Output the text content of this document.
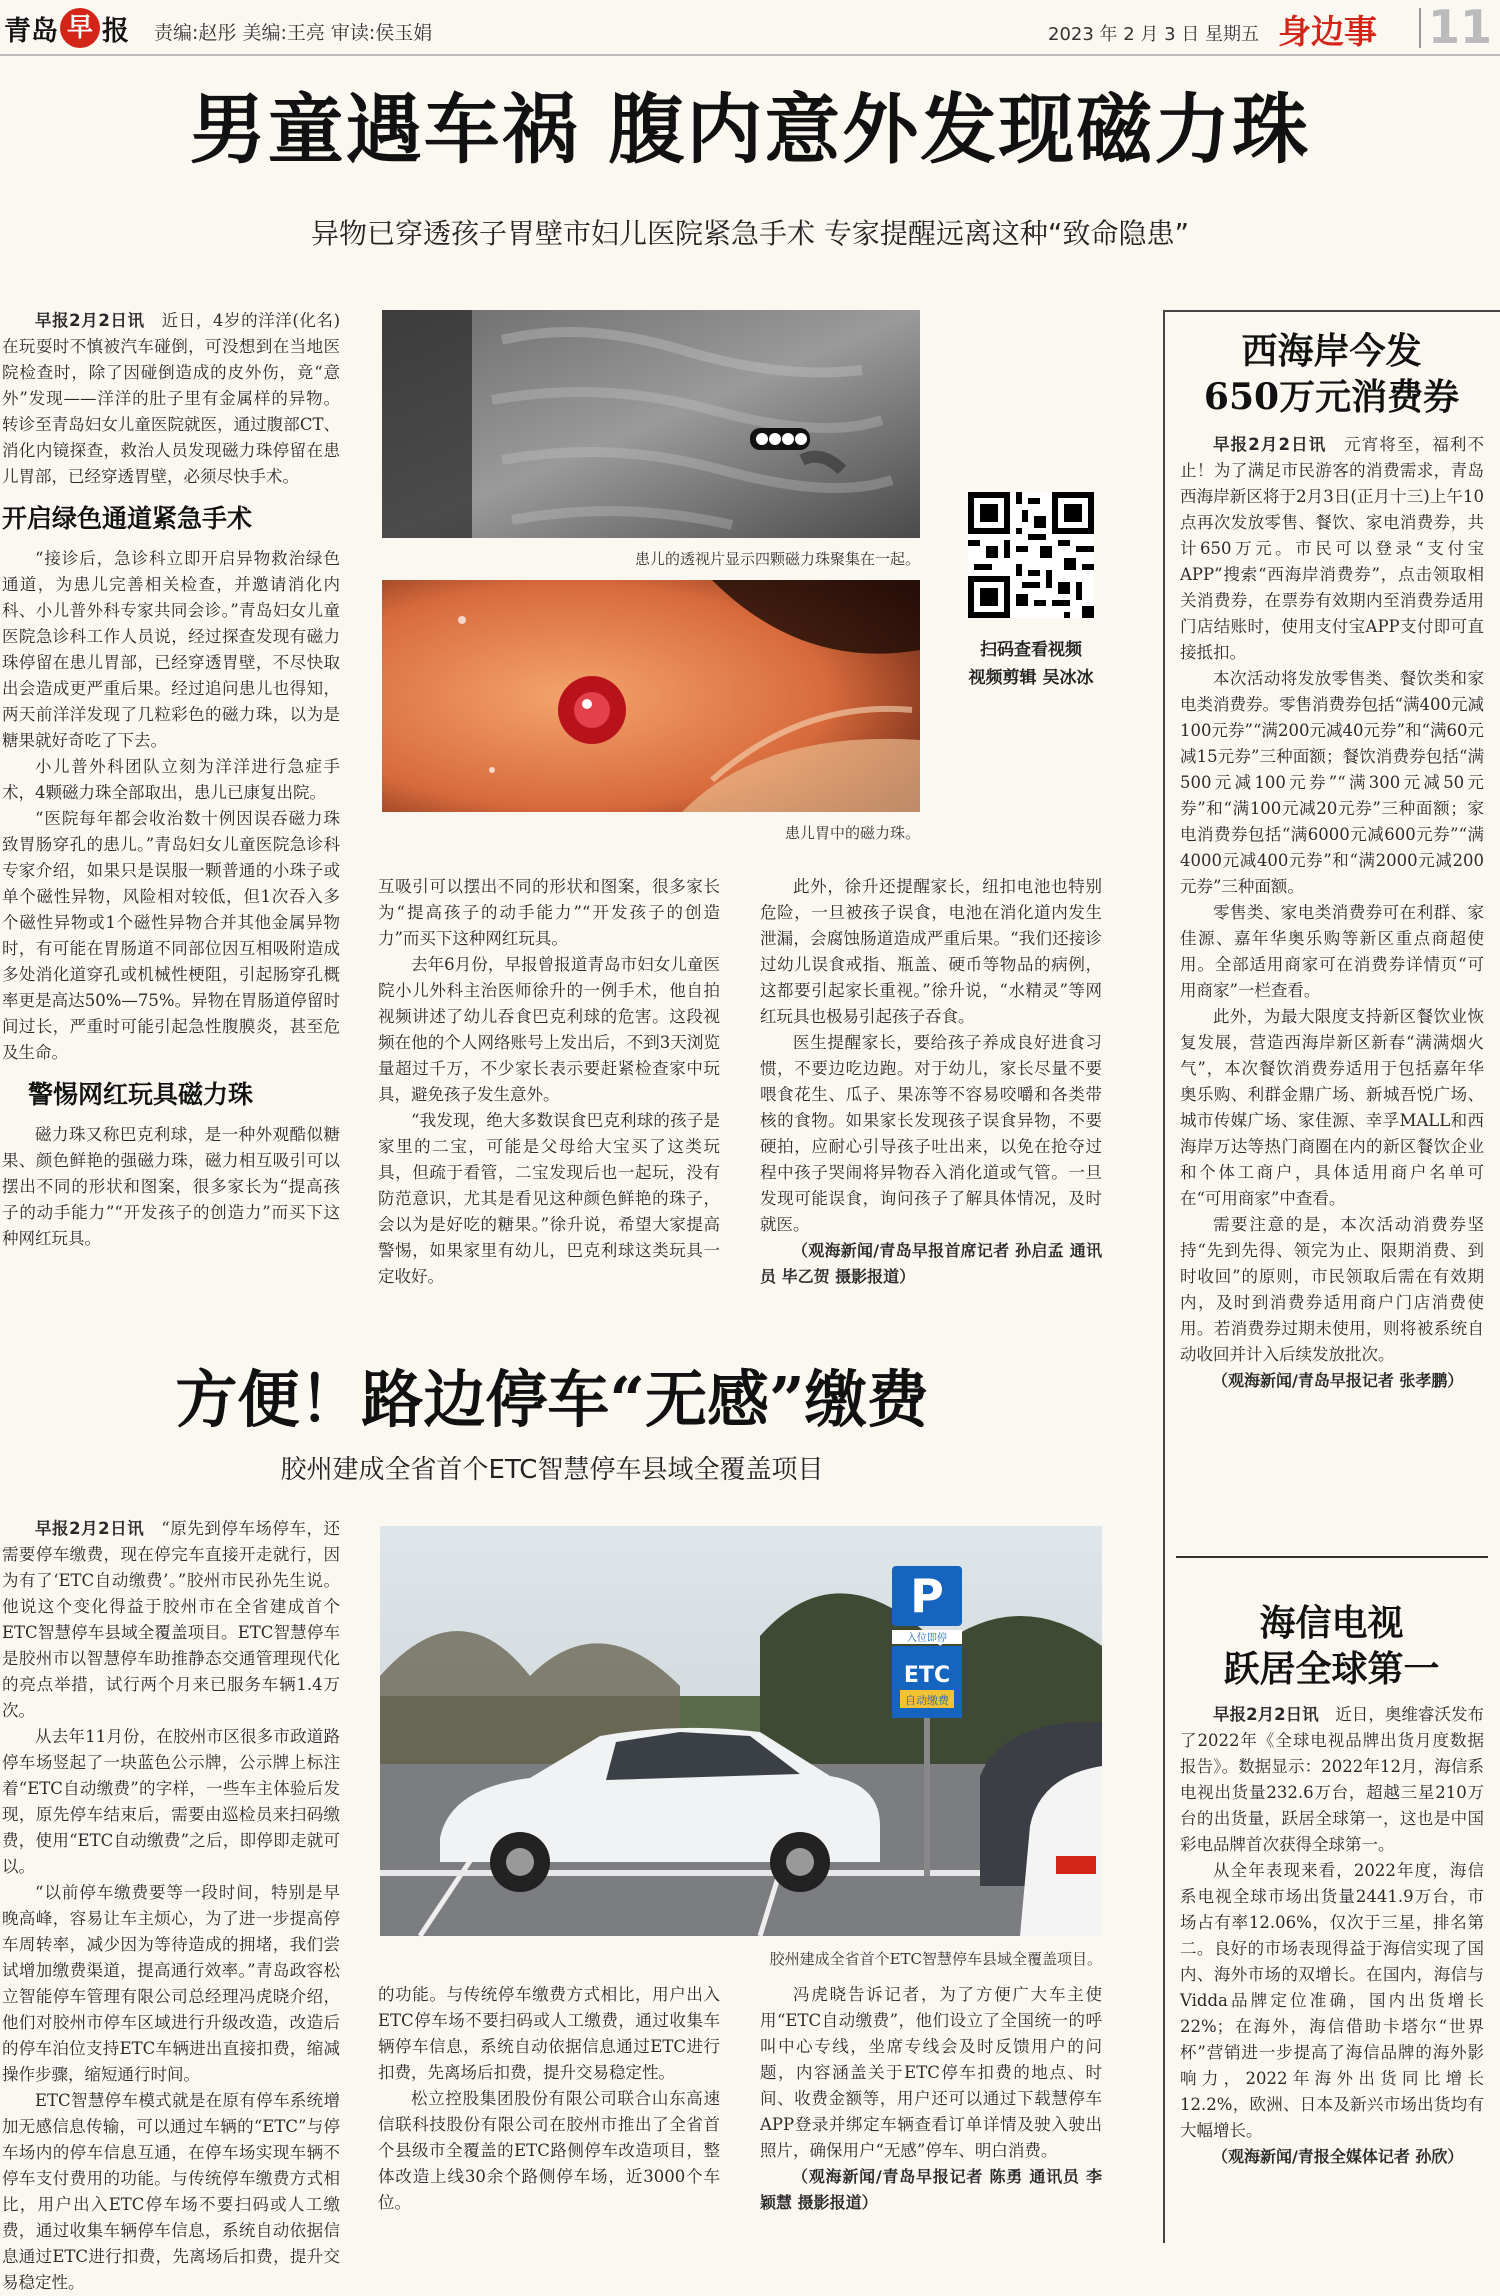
青岛 早 报 责编:赵彤 美编:王亮 审读:侯玉娟	2023 年 2 月 3 日 星期五 身边事 11
男童遇车祸 腹内意外发现磁力珠
异物已穿透孩子胃壁市妇儿医院紧急手术 专家提醒远离这种“致命隐患”

早报2月2日讯　 近日，4岁的洋洋(化名)在玩耍时不慎被汽车碰倒，可没想到在当地医院检查时，除了因碰倒造成的皮外伤，竟“意外”发现——洋洋的肚子里有金属样的异物。转诊至青岛妇女儿童医院就医，通过腹部CT、消化内镜探查，救治人员发现磁力珠停留在患儿胃部，已经穿透胃壁，必须尽快手术。

开启绿色通道紧急手术

“接诊后，急诊科立即开启异物救治绿色通道，为患儿完善相关检查，并邀请消化内科、小儿普外科专家共同会诊。”青岛妇女儿童医院急诊科工作人员说，经过探查发现有磁力珠停留在患儿胃部，已经穿透胃壁，不尽快取出会造成更严重后果。经过追问患儿也得知，两天前洋洋发现了几粒彩色的磁力珠，以为是糖果就好奇吃了下去。

小儿普外科团队立刻为洋洋进行急症手术，4颗磁力珠全部取出，患儿已康复出院。

“医院每年都会收治数十例因误吞磁力珠致胃肠穿孔的患儿。”青岛妇女儿童医院急诊科专家介绍，如果只是误服一颗普通的小珠子或单个磁性异物，风险相对较低，但1次吞入多个磁性异物或1个磁性异物合并其他金属异物时，有可能在胃肠道不同部位因互相吸附造成多处消化道穿孔或机械性梗阻，引起肠穿孔概率更是高达50%—75%。异物在胃肠道停留时间过长，严重时可能引起急性腹膜炎，甚至危及生命。

警惕网红玩具磁力珠

磁力珠又称巴克利球，是一种外观酷似糖果、颜色鲜艳的强磁力珠，磁力相互吸引可以摆出不同的形状和图案，很多家长为“提高孩子的动手能力”“开发孩子的创造力”而买下这种网红玩具。

患儿的透视片显示四颗磁力珠聚集在一起。
患儿胃中的磁力珠。
扫码查看视频
视频剪辑 吴冰冰

互吸引可以摆出不同的形状和图案，很多家长为“提高孩子的动手能力”“开发孩子的创造力”而买下这种网红玩具。

去年6月份，早报曾报道青岛市妇女儿童医院小儿外科主治医师徐升的一例手术，他自拍视频讲述了幼儿吞食巴克利球的危害。这段视频在他的个人网络账号上发出后，不到3天浏览量超过千万，不少家长表示要赶紧检查家中玩具，避免孩子发生意外。

“我发现，绝大多数误食巴克利球的孩子是家里的二宝，可能是父母给大宝买了这类玩具，但疏于看管，二宝发现后也一起玩，没有防范意识，尤其是看见这种颜色鲜艳的珠子，会以为是好吃的糖果。”徐升说，希望大家提高警惕，如果家里有幼儿，巴克利球这类玩具一定收好。

此外，徐升还提醒家长，纽扣电池也特别危险，一旦被孩子误食，电池在消化道内发生泄漏，会腐蚀肠道造成严重后果。“我们还接诊过幼儿误食戒指、瓶盖、硬币等物品的病例，这都要引起家长重视。”徐升说，“水精灵”等网红玩具也极易引起孩子吞食。

医生提醒家长，要给孩子养成良好进食习惯，不要边吃边跑。对于幼儿，家长尽量不要喂食花生、瓜子、果冻等不容易咬嚼和各类带核的食物。如果家长发现孩子误食异物，不要硬拍，应耐心引导孩子吐出来，以免在抢夺过程中孩子哭闹将异物吞入消化道或气管。一旦发现可能误食，询问孩子了解具体情况，及时就医。

（观海新闻/青岛早报首席记者 孙启孟 通讯员 毕乙贺 摄影报道）

方便！路边停车“无感”缴费
胶州建成全省首个ETC智慧停车县域全覆盖项目

早报2月2日讯　 “原先到停车场停车，还需要停车缴费，现在停完车直接开走就行，因为有了‘ETC自动缴费’。”胶州市民孙先生说。他说这个变化得益于胶州市在全省建成首个ETC智慧停车县域全覆盖项目。ETC智慧停车是胶州市以智慧停车助推静态交通管理现代化的亮点举措，试行两个月来已服务车辆1.4万次。

从去年11月份，在胶州市区很多市政道路停车场竖起了一块蓝色公示牌，公示牌上标注着“ETC自动缴费”的字样，一些车主体验后发现，原先停车结束后，需要由巡检员来扫码缴费，使用“ETC自动缴费”之后，即停即走就可以。

“以前停车缴费要等一段时间，特别是早晚高峰，容易让车主烦心，为了进一步提高停车周转率，减少因为等待造成的拥堵，我们尝试增加缴费渠道，提高通行效率。”青岛政容松立智能停车管理有限公司总经理冯虎晓介绍，他们对胶州市停车区域进行升级改造，改造后的停车泊位支持ETC车辆进出直接扣费，缩减操作步骤，缩短通行时间。

ETC智慧停车模式就是在原有停车系统增加无感信息传输，可以通过车辆的“ETC”与停车场内的停车信息互通，在停车场实现车辆不停车支付费用的功能。与传统停车缴费方式相比，用户出入ETC停车场不要扫码或人工缴费，通过收集车辆停车信息，系统自动依据信息通过ETC进行扣费，先离场后扣费，提升交易稳定性。

P
入位即停
ETC
自动缴费
胶州建成全省首个ETC智慧停车县域全覆盖项目。

的功能。与传统停车缴费方式相比，用户出入ETC停车场不要扫码或人工缴费，通过收集车辆停车信息，系统自动依据信息通过ETC进行扣费，先离场后扣费，提升交易稳定性。

松立控股集团股份有限公司联合山东高速信联科技股份有限公司在胶州市推出了全省首个县级市全覆盖的ETC路侧停车改造项目，整体改造上线30余个路侧停车场，近3000个车位。

冯虎晓告诉记者，为了方便广大车主使用“ETC自动缴费”，他们设立了全国统一的呼叫中心专线，坐席专线会及时反馈用户的问题，内容涵盖关于ETC停车扣费的地点、时间、收费金额等，用户还可以通过下载慧停车APP登录并绑定车辆查看订单详情及驶入驶出照片，确保用户“无感”停车、明白消费。

（观海新闻/青岛早报记者 陈勇 通讯员 李颖慧 摄影报道）

西海岸今发
650万元消费券

早报2月2日讯　 元宵将至，福利不止！为了满足市民游客的消费需求，青岛西海岸新区将于2月3日(正月十三)上午10点再次发放零售、餐饮、家电消费券，共计650万元。市民可以登录“支付宝APP”搜索“西海岸消费券”，点击领取相关消费券，在票券有效期内至消费券适用门店结账时，使用支付宝APP支付即可直接抵扣。

本次活动将发放零售类、餐饮类和家电类消费券。零售消费券包括“满400元减100元券”“满200元减40元券”和“满60元减15元券”三种面额；餐饮消费券包括“满500元减100元券”“满300元减50元券”和“满100元减20元券”三种面额；家电消费券包括“满6000元减600元券”“满4000元减400元券”和“满2000元减200元券”三种面额。

零售类、家电类消费券可在利群、家佳源、嘉年华奥乐购等新区重点商超使用。全部适用商家可在消费券详情页“可用商家”一栏查看。

此外，为最大限度支持新区餐饮业恢复发展，营造西海岸新区新春“满满烟火气”，本次餐饮消费券适用于包括嘉年华奥乐购、利群金鼎广场、新城吾悦广场、城市传媒广场、家佳源、幸孚MALL和西海岸万达等热门商圈在内的新区餐饮企业和个体工商户，具体适用商户名单可在“可用商家”中查看。

需要注意的是，本次活动消费券坚持“先到先得、领完为止、限期消费、到时收回”的原则，市民领取后需在有效期内，及时到消费券适用商户门店消费使用。若消费券过期未使用，则将被系统自动收回并计入后续发放批次。

（观海新闻/青岛早报记者 张孝鹏）

海信电视
跃居全球第一

早报2月2日讯　 近日，奥维睿沃发布了2022年《全球电视品牌出货月度数据报告》。数据显示：2022年12月，海信系电视出货量232.6万台，超越三星210万台的出货量，跃居全球第一，这也是中国彩电品牌首次获得全球第一。

从全年表现来看，2022年度，海信系电视全球市场出货量2441.9万台，市场占有率12.06%，仅次于三星，排名第二。良好的市场表现得益于海信实现了国内、海外市场的双增长。在国内，海信与Vidda品牌定位准确，国内出货增长22%；在海外，海信借助卡塔尔“世界杯”营销进一步提高了海信品牌的海外影响力，2022年海外出货同比增长12.2%，欧洲、日本及新兴市场出货均有大幅增长。

（观海新闻/青报全媒体记者 孙欣）
